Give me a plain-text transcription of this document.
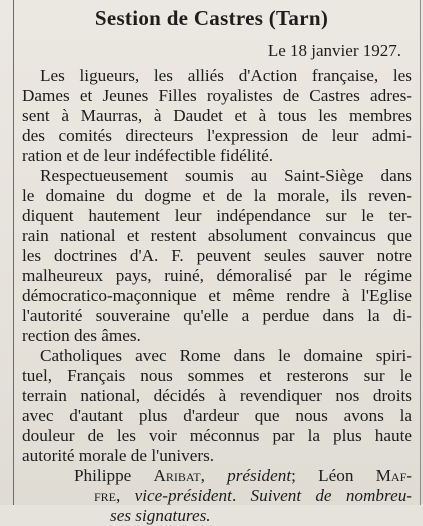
Sestion de Castres (Tarn)
Le 18 janvier 1927.
Les ligueurs, les alliés d'Action française, les
Dames et Jeunes Filles royalistes de Castres adres-
sent à Maurras, à Daudet et à tous les membres
des comités directeurs l'expression de leur admi-
ration et de leur indéfectible fidélité.
Respectueusement soumis au Saint-Siège dans
le domaine du dogme et de la morale, ils reven-
diquent hautement leur indépendance sur le ter-
rain national et restent absolument convaincus que
les doctrines d'A. F. peuvent seules sauver notre
malheureux pays, ruiné, démoralisé par le régime
démocratico-maçonnique et même rendre à l'Eglise
l'autorité souveraine qu'elle a perdue dans la di-
rection des âmes.
Catholiques avec Rome dans le domaine spiri-
tuel, Français nous sommes et resterons sur le
terrain national, décidés à revendiquer nos droits
avec d'autant plus d'ardeur que nous avons la
douleur de les voir méconnus par la plus haute
autorité morale de l'univers.
Philippe Aribat, président; Léon Maf-
fre, vice-président. Suivent de nombreu-
ses signatures.
